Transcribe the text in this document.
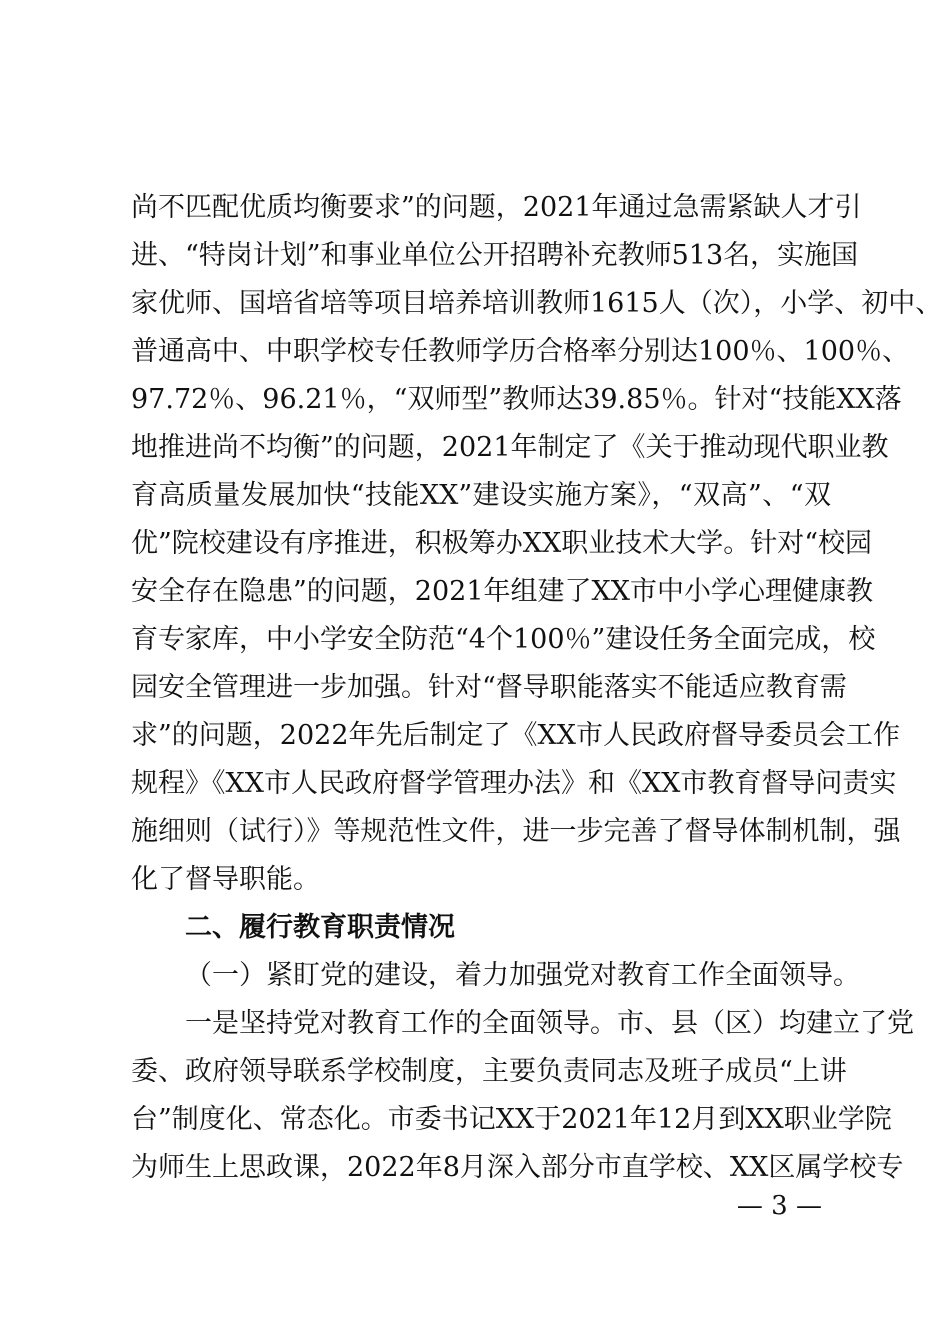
尚不匹配优质均衡要求”的问题，2021年通过急需紧缺人才引
进、“特岗计划”和事业单位公开招聘补充教师513名，实施国
家优师、国培省培等项目培养培训教师1615人（次），小学、初中、
普通高中、中职学校专任教师学历合格率分别达100％、100％、
97.72％、96.21％，“双师型”教师达39.85％。针对“技能XX落
地推进尚不均衡”的问题，2021年制定了《关于推动现代职业教
育高质量发展加快“技能XX”建设实施方案》，“双高”、“双
优”院校建设有序推进，积极筹办XX职业技术大学。针对“校园
安全存在隐患”的问题，2021年组建了XX市中小学心理健康教
育专家库，中小学安全防范“4个100％”建设任务全面完成，校
园安全管理进一步加强。针对“督导职能落实不能适应教育需
求”的问题，2022年先后制定了《XX市人民政府督导委员会工作
规程》《XX市人民政府督学管理办法》和《XX市教育督导问责实
施细则（试行）》等规范性文件，进一步完善了督导体制机制，强
化了督导职能。
二、履行教育职责情况
（一）紧盯党的建设，着力加强党对教育工作全面领导。
一是坚持党对教育工作的全面领导。市、县（区）均建立了党
委、政府领导联系学校制度，主要负责同志及班子成员“上讲
台”制度化、常态化。市委书记XX于2021年12月到XX职业学院
为师生上思政课，2022年8月深入部分市直学校、XX区属学校专
— 3 —
